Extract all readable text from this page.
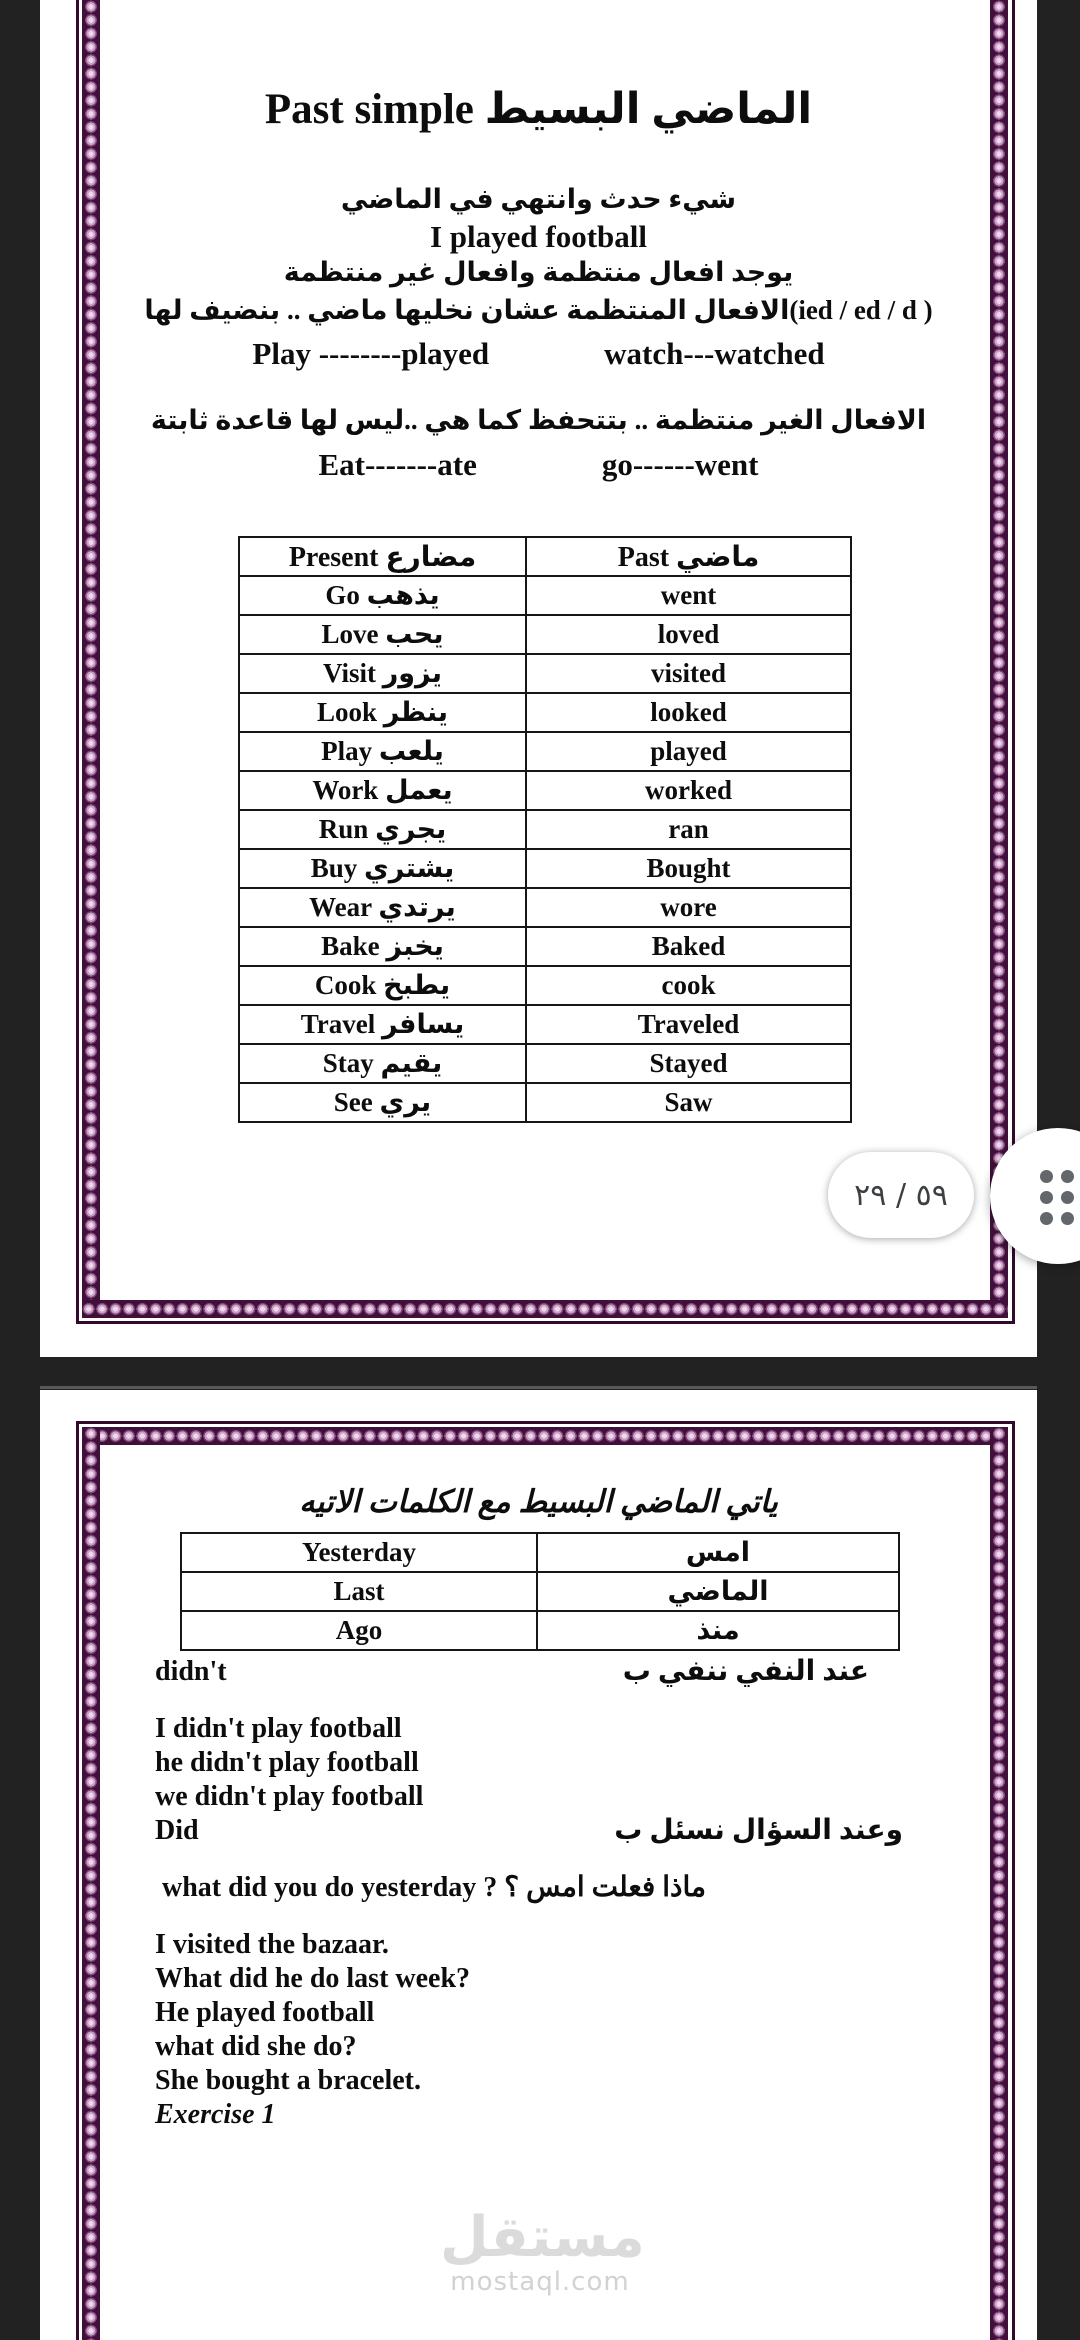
Past simple الماضي البسيط
شيء حدث وانتهي في الماضي
I played football
يوجد افعال منتظمة وافعال غير منتظمة
( ied / ed / d)الافعال المنتظمة عشان نخليها ماضي .. بنضيف لها
Play --------played	watch---watched
الافعال الغير منتظمة .. بتتحفظ كما هي ..ليس لها قاعدة ثابتة
Eat-------ate	go------went
Present مضارع	Past ماضي
Go يذهب	went
Love يحب	loved
Visit يزور	visited
Look ينظر	looked
Play يلعب	played
Work يعمل	worked
Run يجري	ran
Buy يشتري	Bought
Wear يرتدي	wore
Bake يخبز	Baked
Cook يطبخ	cook
Travel يسافر	Traveled
Stay يقيم	Stayed
See يري	Saw
ياتي الماضي البسيط مع الكلمات الاتيه
Yesterday	امس
Last	الماضي
Ago	منذ
didn't	عند النفي ننفي ب
I didn't play football
he didn't play football
we didn't play football
Did	وعند السؤال نسئل ب
what did you do yesterday ? ماذا فعلت امس ؟
I visited the bazaar.
What did he do last week?
He played football
what did she do?
She bought a bracelet.
Exercise 1
٥٩ / ٢٩
مستقل
mostaql.com
